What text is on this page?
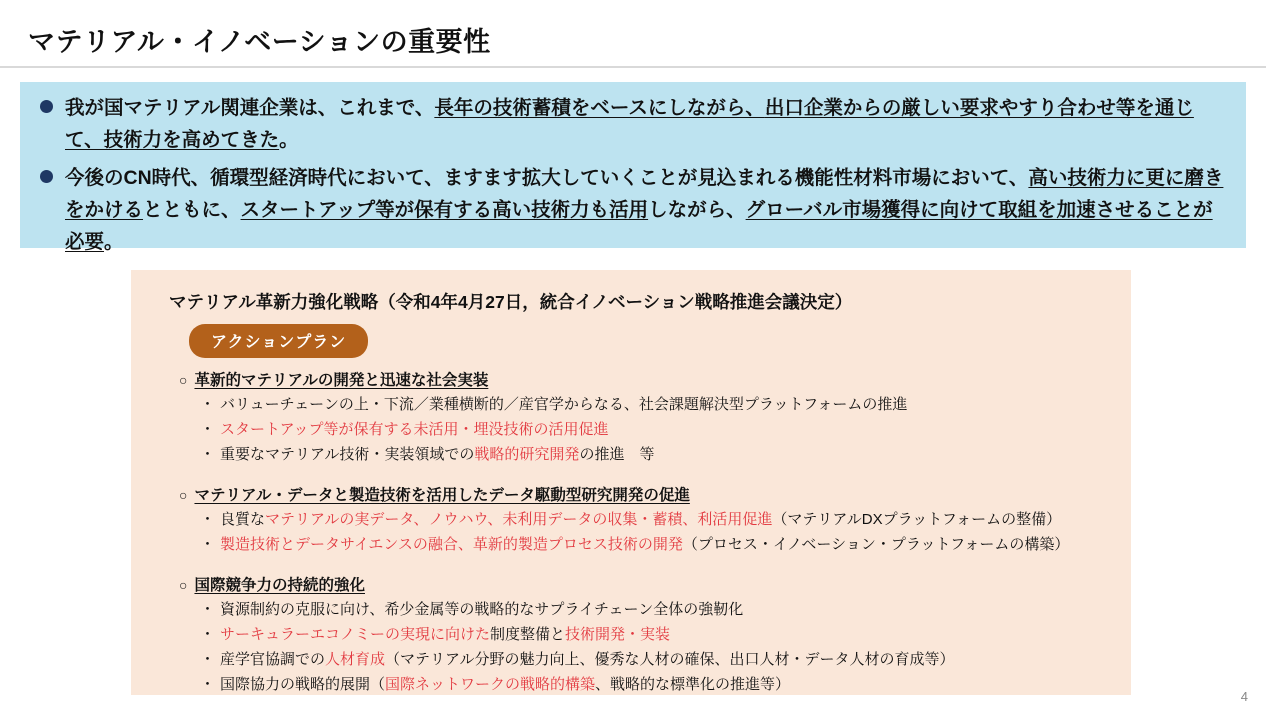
マテリアル・イノベーションの重要性
我が国マテリアル関連企業は、これまで、長年の技術蓄積をベースにしながら、出口企業からの厳しい要求やすり合わせ等を通じて、技術力を高めてきた。
今後のCN時代、循環型経済時代において、ますます拡大していくことが見込まれる機能性材料市場において、高い技術力に更に磨きをかけるとともに、スタートアップ等が保有する高い技術力も活用しながら、グローバル市場獲得に向けて取組を加速させることが必要。
マテリアル革新力強化戦略（令和4年4月27日，統合イノベーション戦略推進会議決定）
アクションプラン
○ 革新的マテリアルの開発と迅速な社会実装
・ バリューチェーンの上・下流／業種横断的／産官学からなる、社会課題解決型プラットフォームの推進
・ スタートアップ等が保有する未活用・埋没技術の活用促進
・ 重要なマテリアル技術・実装領域での戦略的研究開発の推進　等
○ マテリアル・データと製造技術を活用したデータ駆動型研究開発の促進
・ 良質なマテリアルの実データ、ノウハウ、未利用データの収集・蓄積、利活用促進（マテリアルDXプラットフォームの整備）
・ 製造技術とデータサイエンスの融合、革新的製造プロセス技術の開発（プロセス・イノベーション・プラットフォームの構築）
○ 国際競争力の持続的強化
・ 資源制約の克服に向け、希少金属等の戦略的なサプライチェーン全体の強靭化
・ サーキュラーエコノミーの実現に向けた制度整備と技術開発・実装
・ 産学官協調での人材育成（マテリアル分野の魅力向上、優秀な人材の確保、出口人材・データ人材の育成等）
・ 国際協力の戦略的展開（国際ネットワークの戦略的構築、戦略的な標準化の推進等）
4
